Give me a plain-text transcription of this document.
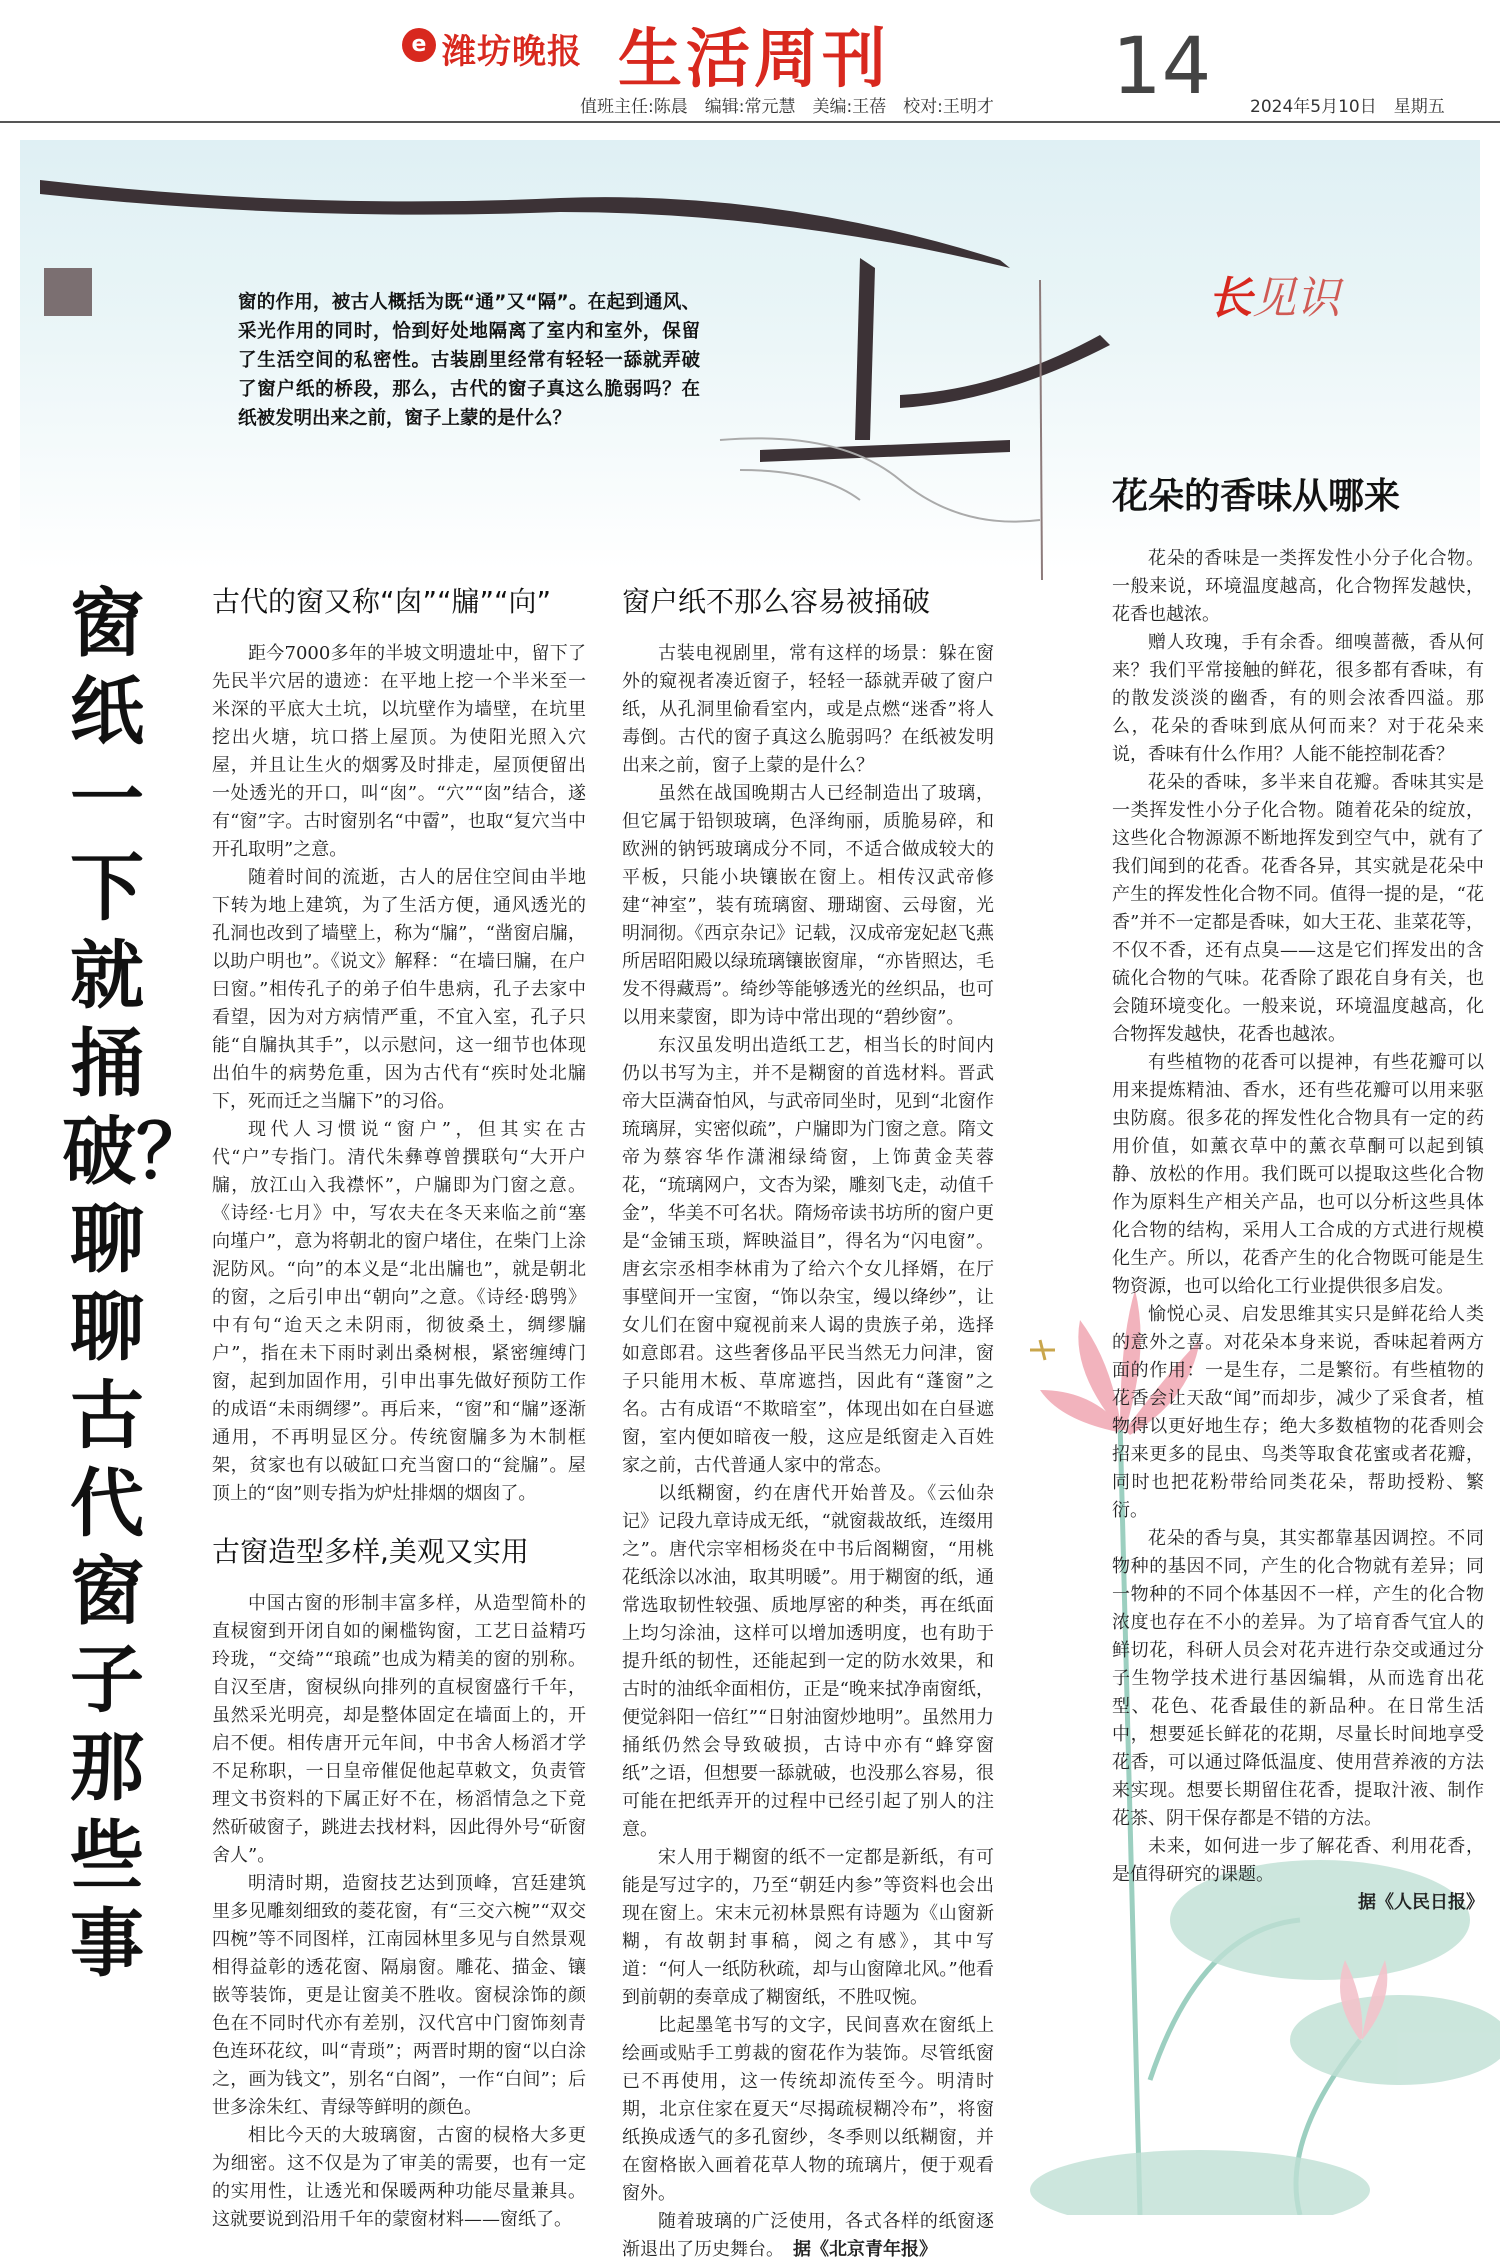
e 潍坊晚报 生活周刊	14
值班主任:陈晨　编辑:常元慧　美编:王蓓　校对:王明才	2024年5月10日　星期五
窗的作用，被古人概括为既“通”又“隔”。在起到通风、采光作用的同时，恰到好处地隔离了室内和室外，保留了生活空间的私密性。古装剧里经常有轻轻一舔就弄破了窗户纸的桥段，那么，古代的窗子真这么脆弱吗？在纸被发明出来之前，窗子上蒙的是什么？
长见识
窗纸一下就捅破？聊聊古代窗子那些事
古代的窗又称“囱”“牖”“向”

距今7000多年的半坡文明遗址中，留下了先民半穴居的遗迹：在平地上挖一个半米至一米深的平底大土坑，以坑壁作为墙壁，在坑里挖出火塘，坑口搭上屋顶。为使阳光照入穴屋，并且让生火的烟雾及时排走，屋顶便留出一处透光的开口，叫“囱”。“穴”“囱”结合，遂有“窗”字。古时窗别名“中霤”，也取“复穴当中开孔取明”之意。

随着时间的流逝，古人的居住空间由半地下转为地上建筑，为了生活方便，通风透光的孔洞也改到了墙壁上，称为“牖”，“凿窗启牖，以助户明也”。《说文》解释：“在墙曰牖，在户曰窗。”相传孔子的弟子伯牛患病，孔子去家中看望，因为对方病情严重，不宜入室，孔子只能“自牖执其手”，以示慰问，这一细节也体现出伯牛的病势危重，因为古代有“疾时处北牖下，死而迁之当牖下”的习俗。

现代人习惯说“窗户”，但其实在古代“户”专指门。清代朱彝尊曾撰联句“大开户牖，放江山入我襟怀”，户牖即为门窗之意。《诗经·七月》中，写农夫在冬天来临之前“塞向墐户”，意为将朝北的窗户堵住，在柴门上涂泥防风。“向”的本义是“北出牖也”，就是朝北的窗，之后引申出“朝向”之意。《诗经·鸱鸮》中有句“迨天之未阴雨，彻彼桑土，绸缪牖户”，指在未下雨时剥出桑树根，紧密缠缚门窗，起到加固作用，引申出事先做好预防工作的成语“未雨绸缪”。再后来，“窗”和“牖”逐渐通用，不再明显区分。传统窗牖多为木制框架，贫家也有以破缸口充当窗口的“瓮牖”。屋顶上的“囱”则专指为炉灶排烟的烟囱了。

古窗造型多样,美观又实用

中国古窗的形制丰富多样，从造型简朴的直棂窗到开闭自如的阑槛钩窗，工艺日益精巧玲珑，“交绮”“琅疏”也成为精美的窗的别称。自汉至唐，窗棂纵向排列的直棂窗盛行千年，虽然采光明亮，却是整体固定在墙面上的，开启不便。相传唐开元年间，中书舍人杨滔才学不足称职，一日皇帝催促他起草敕文，负责管理文书资料的下属正好不在，杨滔情急之下竟然斫破窗子，跳进去找材料，因此得外号“斫窗舍人”。

明清时期，造窗技艺达到顶峰，宫廷建筑里多见雕刻细致的菱花窗，有“三交六椀”“双交四椀”等不同图样，江南园林里多见与自然景观相得益彰的透花窗、隔扇窗。雕花、描金、镶嵌等装饰，更是让窗美不胜收。窗棂涂饰的颜色在不同时代亦有差别，汉代宫中门窗饰刻青色连环花纹，叫“青琐”；两晋时期的窗“以白涂之，画为钱文”，别名“白阁”，一作“白间”；后世多涂朱红、青绿等鲜明的颜色。

相比今天的大玻璃窗，古窗的棂格大多更为细密。这不仅是为了审美的需要，也有一定的实用性，让透光和保暖两种功能尽量兼具。这就要说到沿用千年的蒙窗材料——窗纸了。

窗户纸不那么容易被捅破

古装电视剧里，常有这样的场景：躲在窗外的窥视者凑近窗子，轻轻一舔就弄破了窗户纸，从孔洞里偷看室内，或是点燃“迷香”将人毒倒。古代的窗子真这么脆弱吗？在纸被发明出来之前，窗子上蒙的是什么？

虽然在战国晚期古人已经制造出了玻璃，但它属于铅钡玻璃，色泽绚丽，质脆易碎，和欧洲的钠钙玻璃成分不同，不适合做成较大的平板，只能小块镶嵌在窗上。相传汉武帝修建“神室”，装有琉璃窗、珊瑚窗、云母窗，光明洞彻。《西京杂记》记载，汉成帝宠妃赵飞燕所居昭阳殿以绿琉璃镶嵌窗扉，“亦皆照达，毛发不得藏焉”。绮纱等能够透光的丝织品，也可以用来蒙窗，即为诗中常出现的“碧纱窗”。

东汉虽发明出造纸工艺，相当长的时间内仍以书写为主，并不是糊窗的首选材料。晋武帝大臣满奋怕风，与武帝同坐时，见到“北窗作琉璃屏，实密似疏”，户牖即为门窗之意。隋文帝为蔡容华作潇湘绿绮窗，上饰黄金芙蓉花，“琉璃网户，文杏为梁，雕刻飞走，动值千金”，华美不可名状。隋炀帝读书坊所的窗户更是“金铺玉琐，辉映溢目”，得名为“闪电窗”。唐玄宗丞相李林甫为了给六个女儿择婿，在厅事壁间开一宝窗，“饰以杂宝，缦以绛纱”，让女儿们在窗中窥视前来人谒的贵族子弟，选择如意郎君。这些奢侈品平民当然无力问津，窗子只能用木板、草席遮挡，因此有“蓬窗”之名。古有成语“不欺暗室”，体现出如在白昼遮窗，室内便如暗夜一般，这应是纸窗走入百姓家之前，古代普通人家中的常态。

以纸糊窗，约在唐代开始普及。《云仙杂记》记段九章诗成无纸，“就窗裁故纸，连缀用之”。唐代宗宰相杨炎在中书后阁糊窗，“用桃花纸涂以冰油，取其明暖”。用于糊窗的纸，通常选取韧性较强、质地厚密的种类，再在纸面上均匀涂油，这样可以增加透明度，也有助于提升纸的韧性，还能起到一定的防水效果，和古时的油纸伞面相仿，正是“晚来拭净南窗纸，便觉斜阳一倍红”“日射油窗炒地明”。虽然用力捅纸仍然会导致破损，古诗中亦有“蜂穿窗纸”之语，但想要一舔就破，也没那么容易，很可能在把纸弄开的过程中已经引起了别人的注意。

宋人用于糊窗的纸不一定都是新纸，有可能是写过字的，乃至“朝廷内参”等资料也会出现在窗上。宋末元初林景熙有诗题为《山窗新糊，有故朝封事稿，阅之有感》，其中写道：“何人一纸防秋疏，却与山窗障北风。”他看到前朝的奏章成了糊窗纸，不胜叹惋。

比起墨笔书写的文字，民间喜欢在窗纸上绘画或贴手工剪裁的窗花作为装饰。尽管纸窗已不再使用，这一传统却流传至今。明清时期，北京住家在夏天“尽揭疏棂糊冷布”，将窗纸换成透气的多孔窗纱，冬季则以纸糊窗，并在窗格嵌入画着花草人物的琉璃片，便于观看窗外。

随着玻璃的广泛使用，各式各样的纸窗逐渐退出了历史舞台。　 据《北京青年报》

花朵的香味从哪来

花朵的香味是一类挥发性小分子化合物。一般来说，环境温度越高，化合物挥发越快，花香也越浓。

赠人玫瑰，手有余香。细嗅蔷薇，香从何来？我们平常接触的鲜花，很多都有香味，有的散发淡淡的幽香，有的则会浓香四溢。那么，花朵的香味到底从何而来？对于花朵来说，香味有什么作用？人能不能控制花香？

花朵的香味，多半来自花瓣。香味其实是一类挥发性小分子化合物。随着花朵的绽放，这些化合物源源不断地挥发到空气中，就有了我们闻到的花香。花香各异，其实就是花朵中产生的挥发性化合物不同。值得一提的是，“花香”并不一定都是香味，如大王花、韭菜花等，不仅不香，还有点臭——这是它们挥发出的含硫化合物的气味。花香除了跟花自身有关，也会随环境变化。一般来说，环境温度越高，化合物挥发越快，花香也越浓。

有些植物的花香可以提神，有些花瓣可以用来提炼精油、香水，还有些花瓣可以用来驱虫防腐。很多花的挥发性化合物具有一定的药用价值，如薰衣草中的薰衣草酮可以起到镇静、放松的作用。我们既可以提取这些化合物作为原料生产相关产品，也可以分析这些具体化合物的结构，采用人工合成的方式进行规模化生产。所以，花香产生的化合物既可能是生物资源，也可以给化工行业提供很多启发。

愉悦心灵、启发思维其实只是鲜花给人类的意外之喜。对花朵本身来说，香味起着两方面的作用：一是生存，二是繁衍。有些植物的花香会让天敌“闻”而却步，减少了采食者，植物得以更好地生存；绝大多数植物的花香则会招来更多的昆虫、鸟类等取食花蜜或者花瓣，同时也把花粉带给同类花朵，帮助授粉、繁衍。

花朵的香与臭，其实都靠基因调控。不同物种的基因不同，产生的化合物就有差异；同一物种的不同个体基因不一样，产生的化合物浓度也存在不小的差异。为了培育香气宜人的鲜切花，科研人员会对花卉进行杂交或通过分子生物学技术进行基因编辑，从而选育出花型、花色、花香最佳的新品种。在日常生活中，想要延长鲜花的花期，尽量长时间地享受花香，可以通过降低温度、使用营养液的方法来实现。想要长期留住花香，提取汁液、制作花茶、阴干保存都是不错的方法。

未来，如何进一步了解花香、利用花香，是值得研究的课题。

据《人民日报》
